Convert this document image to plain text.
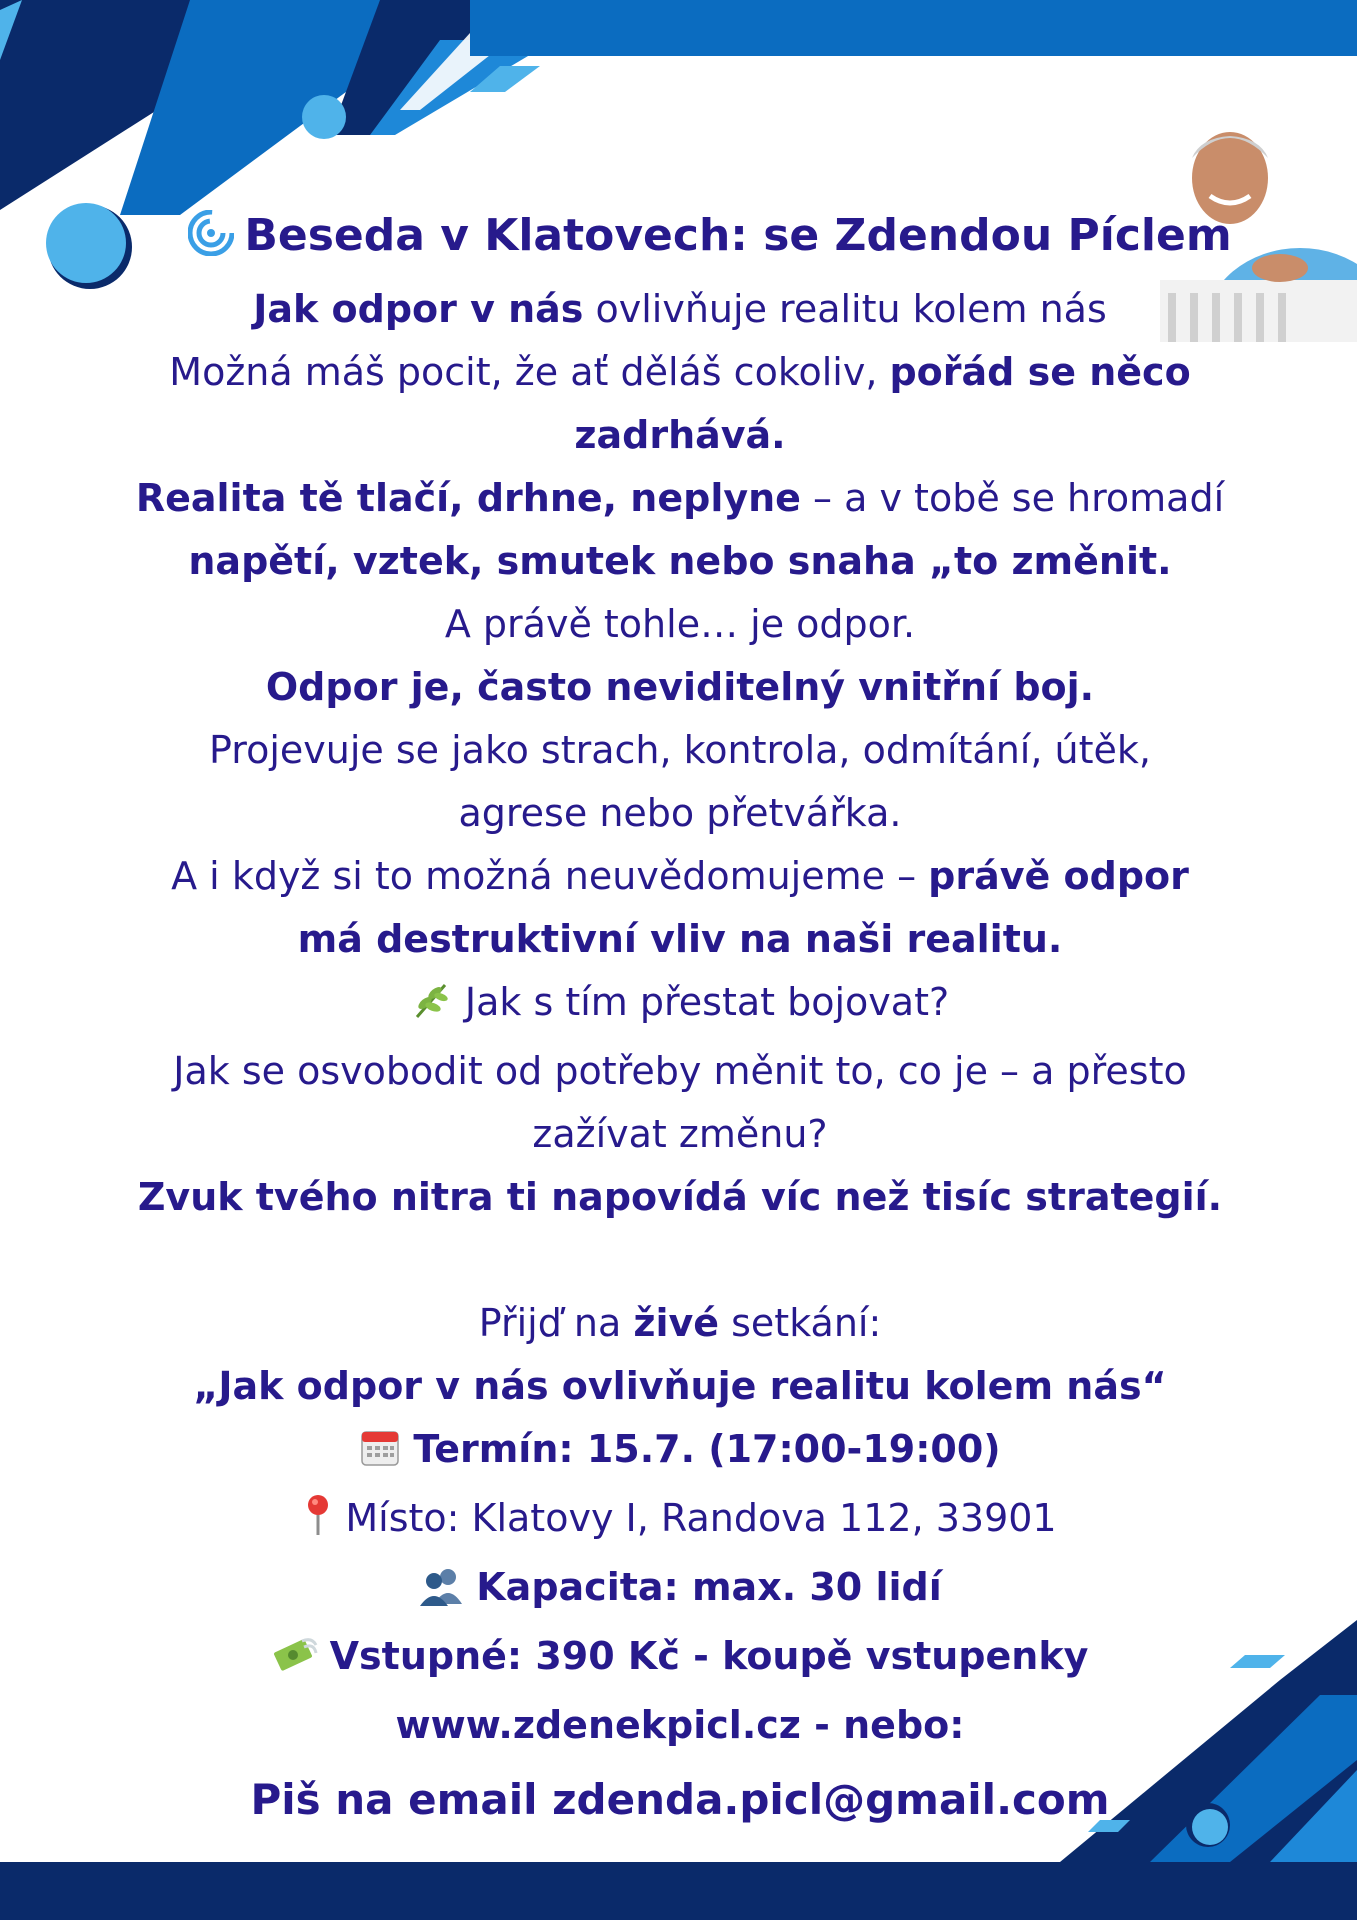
Beseda v Klatovech: se Zdendou Píclem
Jak odpor v nás ovlivňuje realitu kolem nás
Možná máš pocit, že ať děláš cokoliv, pořád se něco
zadrhává.
Realita tě tlačí, drhne, neplyne – a v tobě se hromadí
napětí, vztek, smutek nebo snaha „to změnit.
A právě tohle… je odpor.
Odpor je, často neviditelný vnitřní boj.
Projevuje se jako strach, kontrola, odmítání, útěk,
agrese nebo přetvářka.
A i když si to možná neuvědomujeme – právě odpor
má destruktivní vliv na naši realitu.
Jak s tím přestat bojovat?
Jak se osvobodit od potřeby měnit to, co je – a přesto
zažívat změnu?
Zvuk tvého nitra ti napovídá víc než tisíc strategií.
Přijď na živé setkání:
„Jak odpor v nás ovlivňuje realitu kolem nás“
Termín: 15.7. (17:00-19:00)
Místo: Klatovy I, Randova 112, 33901
Kapacita: max. 30 lidí
Vstupné: 390 Kč - koupě vstupenky
www.zdenekpicl.cz - nebo:
Piš na email zdenda.picl@gmail.com
